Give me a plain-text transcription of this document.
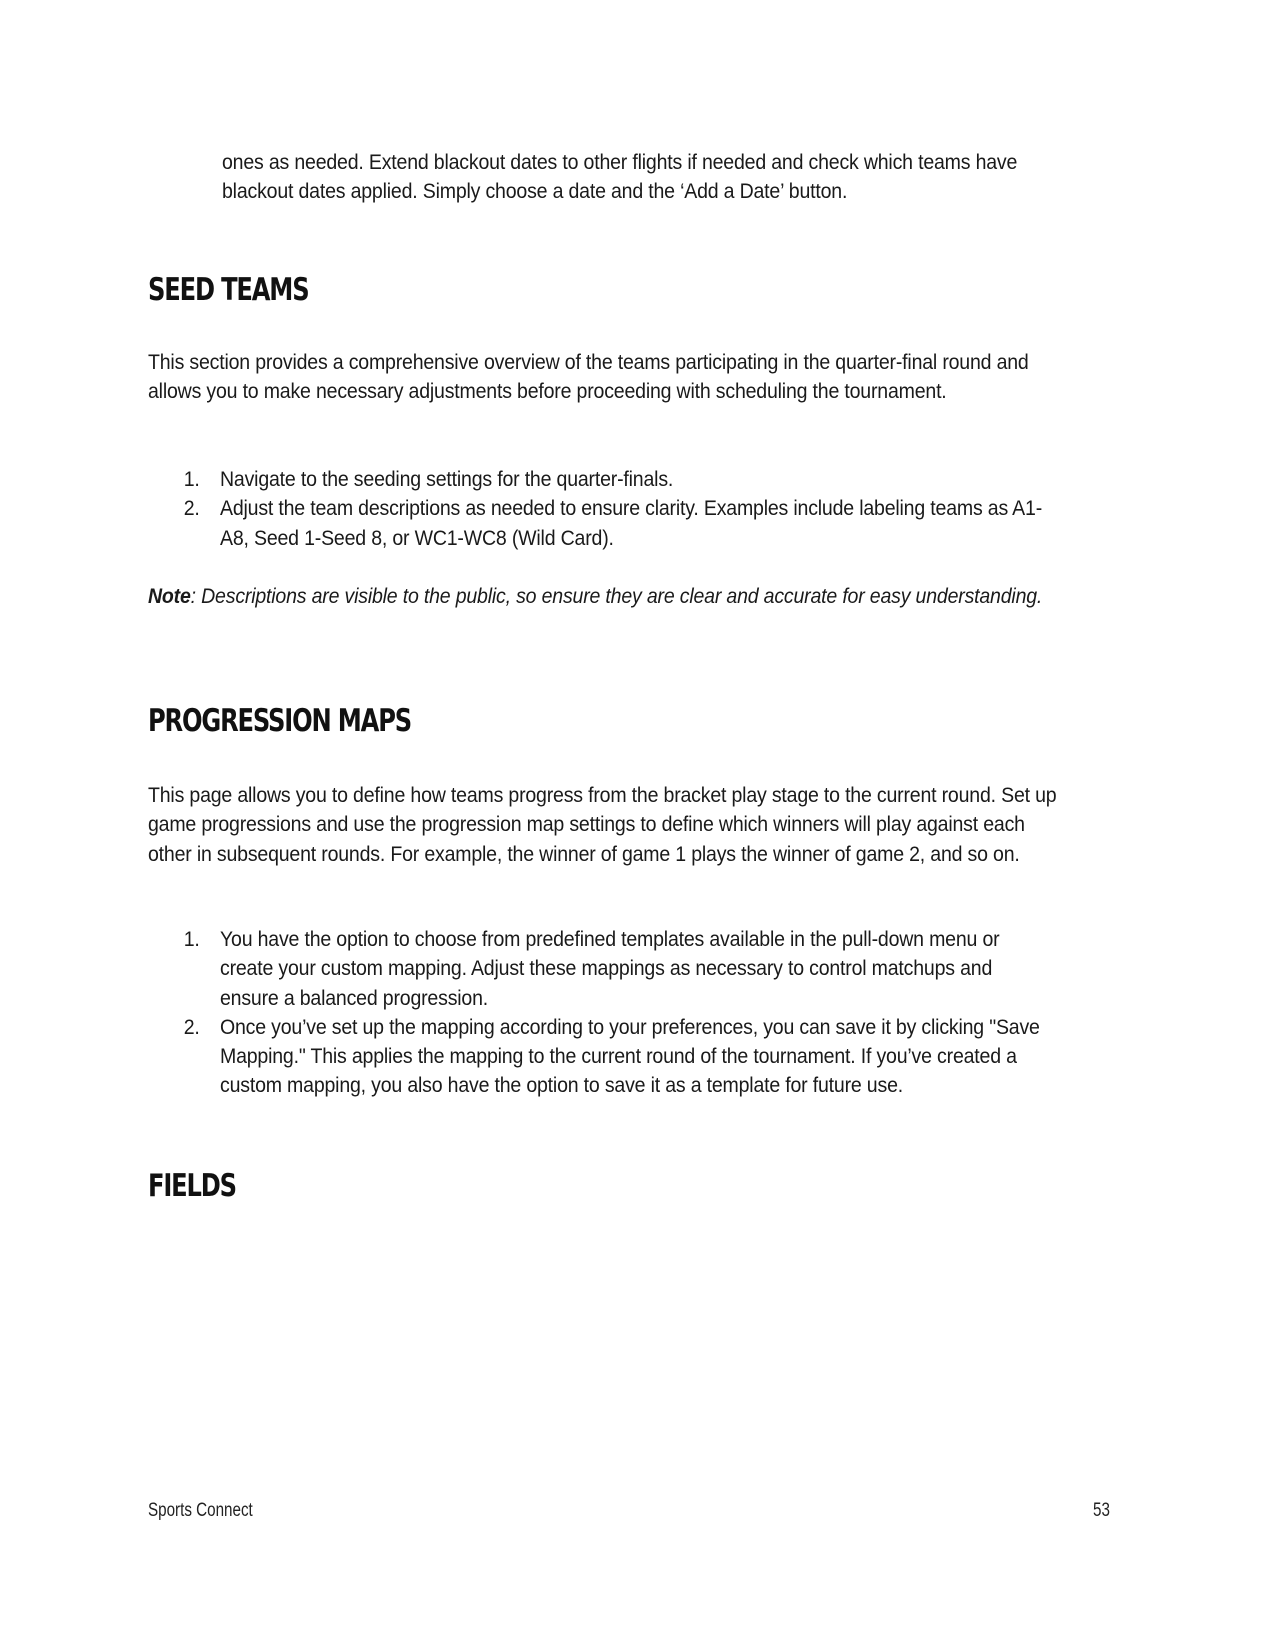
ones as needed. Extend blackout dates to other flights if needed and check which teams have blackout dates applied. Simply choose a date and the ‘Add a Date’ button.

SEED TEAMS

This section provides a comprehensive overview of the teams participating in the quarter-final round and allows you to make necessary adjustments before proceeding with scheduling the tournament.

1. Navigate to the seeding settings for the quarter-finals.
2. Adjust the team descriptions as needed to ensure clarity. Examples include labeling teams as A1-A8, Seed 1-Seed 8, or WC1-WC8 (Wild Card).

Note: Descriptions are visible to the public, so ensure they are clear and accurate for easy understanding.

PROGRESSION MAPS

This page allows you to define how teams progress from the bracket play stage to the current round. Set up game progressions and use the progression map settings to define which winners will play against each other in subsequent rounds. For example, the winner of game 1 plays the winner of game 2, and so on.

1. You have the option to choose from predefined templates available in the pull-down menu or create your custom mapping. Adjust these mappings as necessary to control matchups and ensure a balanced progression.
2. Once you’ve set up the mapping according to your preferences, you can save it by clicking "Save Mapping." This applies the mapping to the current round of the tournament. If you’ve created a custom mapping, you also have the option to save it as a template for future use.
FIELDS
Sports Connect	53
